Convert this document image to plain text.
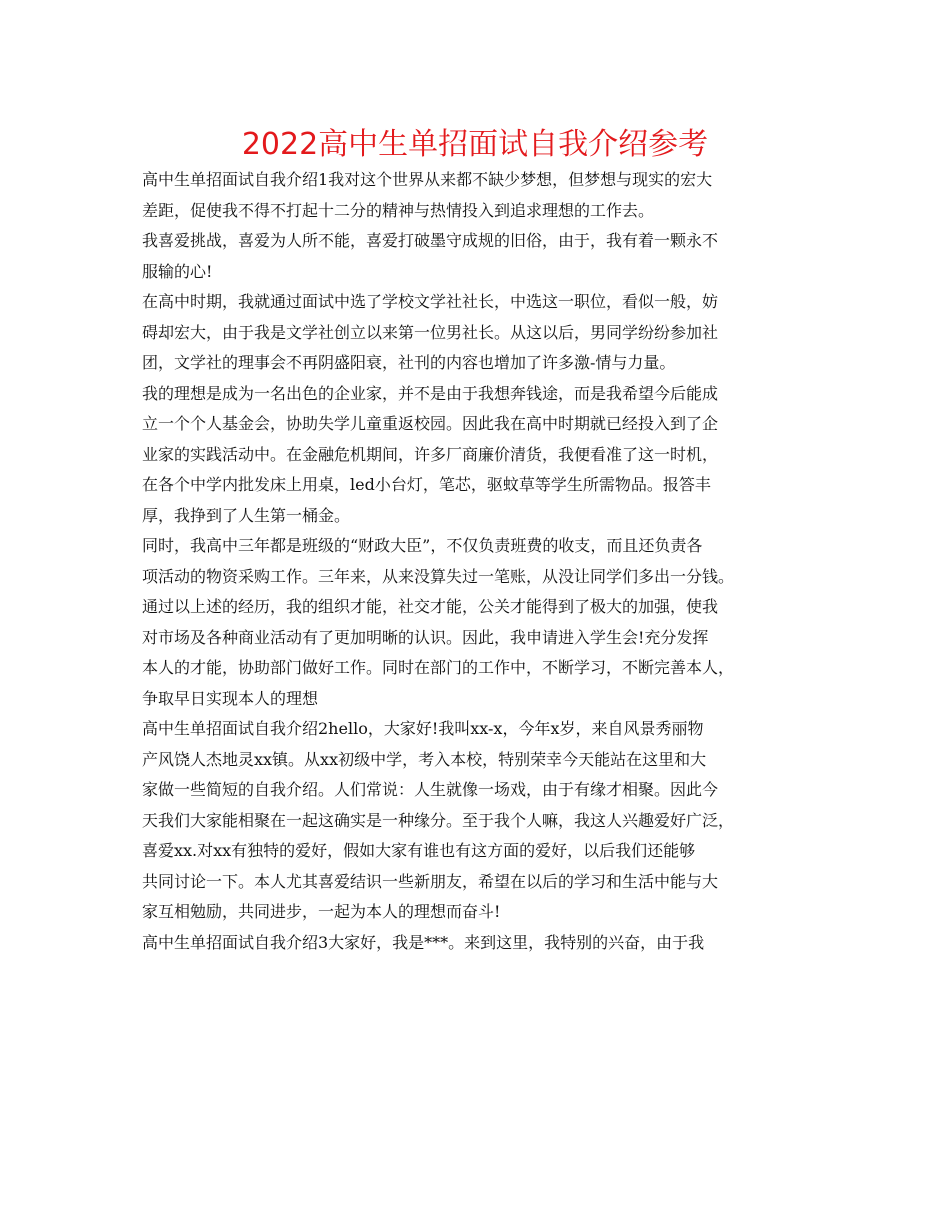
2022高中生单招面试自我介绍参考
高中生单招面试自我介绍1我对这个世界从来都不缺少梦想，但梦想与现实的宏大
差距，促使我不得不打起十二分的精神与热情投入到追求理想的工作去。
我喜爱挑战，喜爱为人所不能，喜爱打破墨守成规的旧俗，由于，我有着一颗永不
服输的心!
在高中时期，我就通过面试中选了学校文学社社长，中选这一职位，看似一般，妨
碍却宏大，由于我是文学社创立以来第一位男社长。从这以后，男同学纷纷参加社
团，文学社的理事会不再阴盛阳衰，社刊的内容也增加了许多激-情与力量。
我的理想是成为一名出色的企业家，并不是由于我想奔钱途，而是我希望今后能成
立一个个人基金会，协助失学儿童重返校园。因此我在高中时期就已经投入到了企
业家的实践活动中。在金融危机期间，许多厂商廉价清货，我便看准了这一时机，
在各个中学内批发床上用桌，led小台灯，笔芯，驱蚊草等学生所需物品。报答丰
厚，我挣到了人生第一桶金。
同时，我高中三年都是班级的“财政大臣”，不仅负责班费的收支，而且还负责各
项活动的物资采购工作。三年来，从来没算失过一笔账，从没让同学们多出一分钱。
通过以上述的经历，我的组织才能，社交才能，公关才能得到了极大的加强，使我
对市场及各种商业活动有了更加明晰的认识。因此，我申请进入学生会!充分发挥
本人的才能，协助部门做好工作。同时在部门的工作中，不断学习，不断完善本人，
争取早日实现本人的理想
高中生单招面试自我介绍2hello，大家好!我叫xx-x，今年x岁，来自风景秀丽物
产风饶人杰地灵xx镇。从xx初级中学，考入本校，特别荣幸今天能站在这里和大
家做一些简短的自我介绍。人们常说：人生就像一场戏，由于有缘才相聚。因此今
天我们大家能相聚在一起这确实是一种缘分。至于我个人嘛，我这人兴趣爱好广泛，
喜爱xx.对xx有独特的爱好，假如大家有谁也有这方面的爱好，以后我们还能够
共同讨论一下。本人尤其喜爱结识一些新朋友，希望在以后的学习和生活中能与大
家互相勉励，共同进步，一起为本人的理想而奋斗!
高中生单招面试自我介绍3大家好，我是***。来到这里，我特别的兴奋，由于我
